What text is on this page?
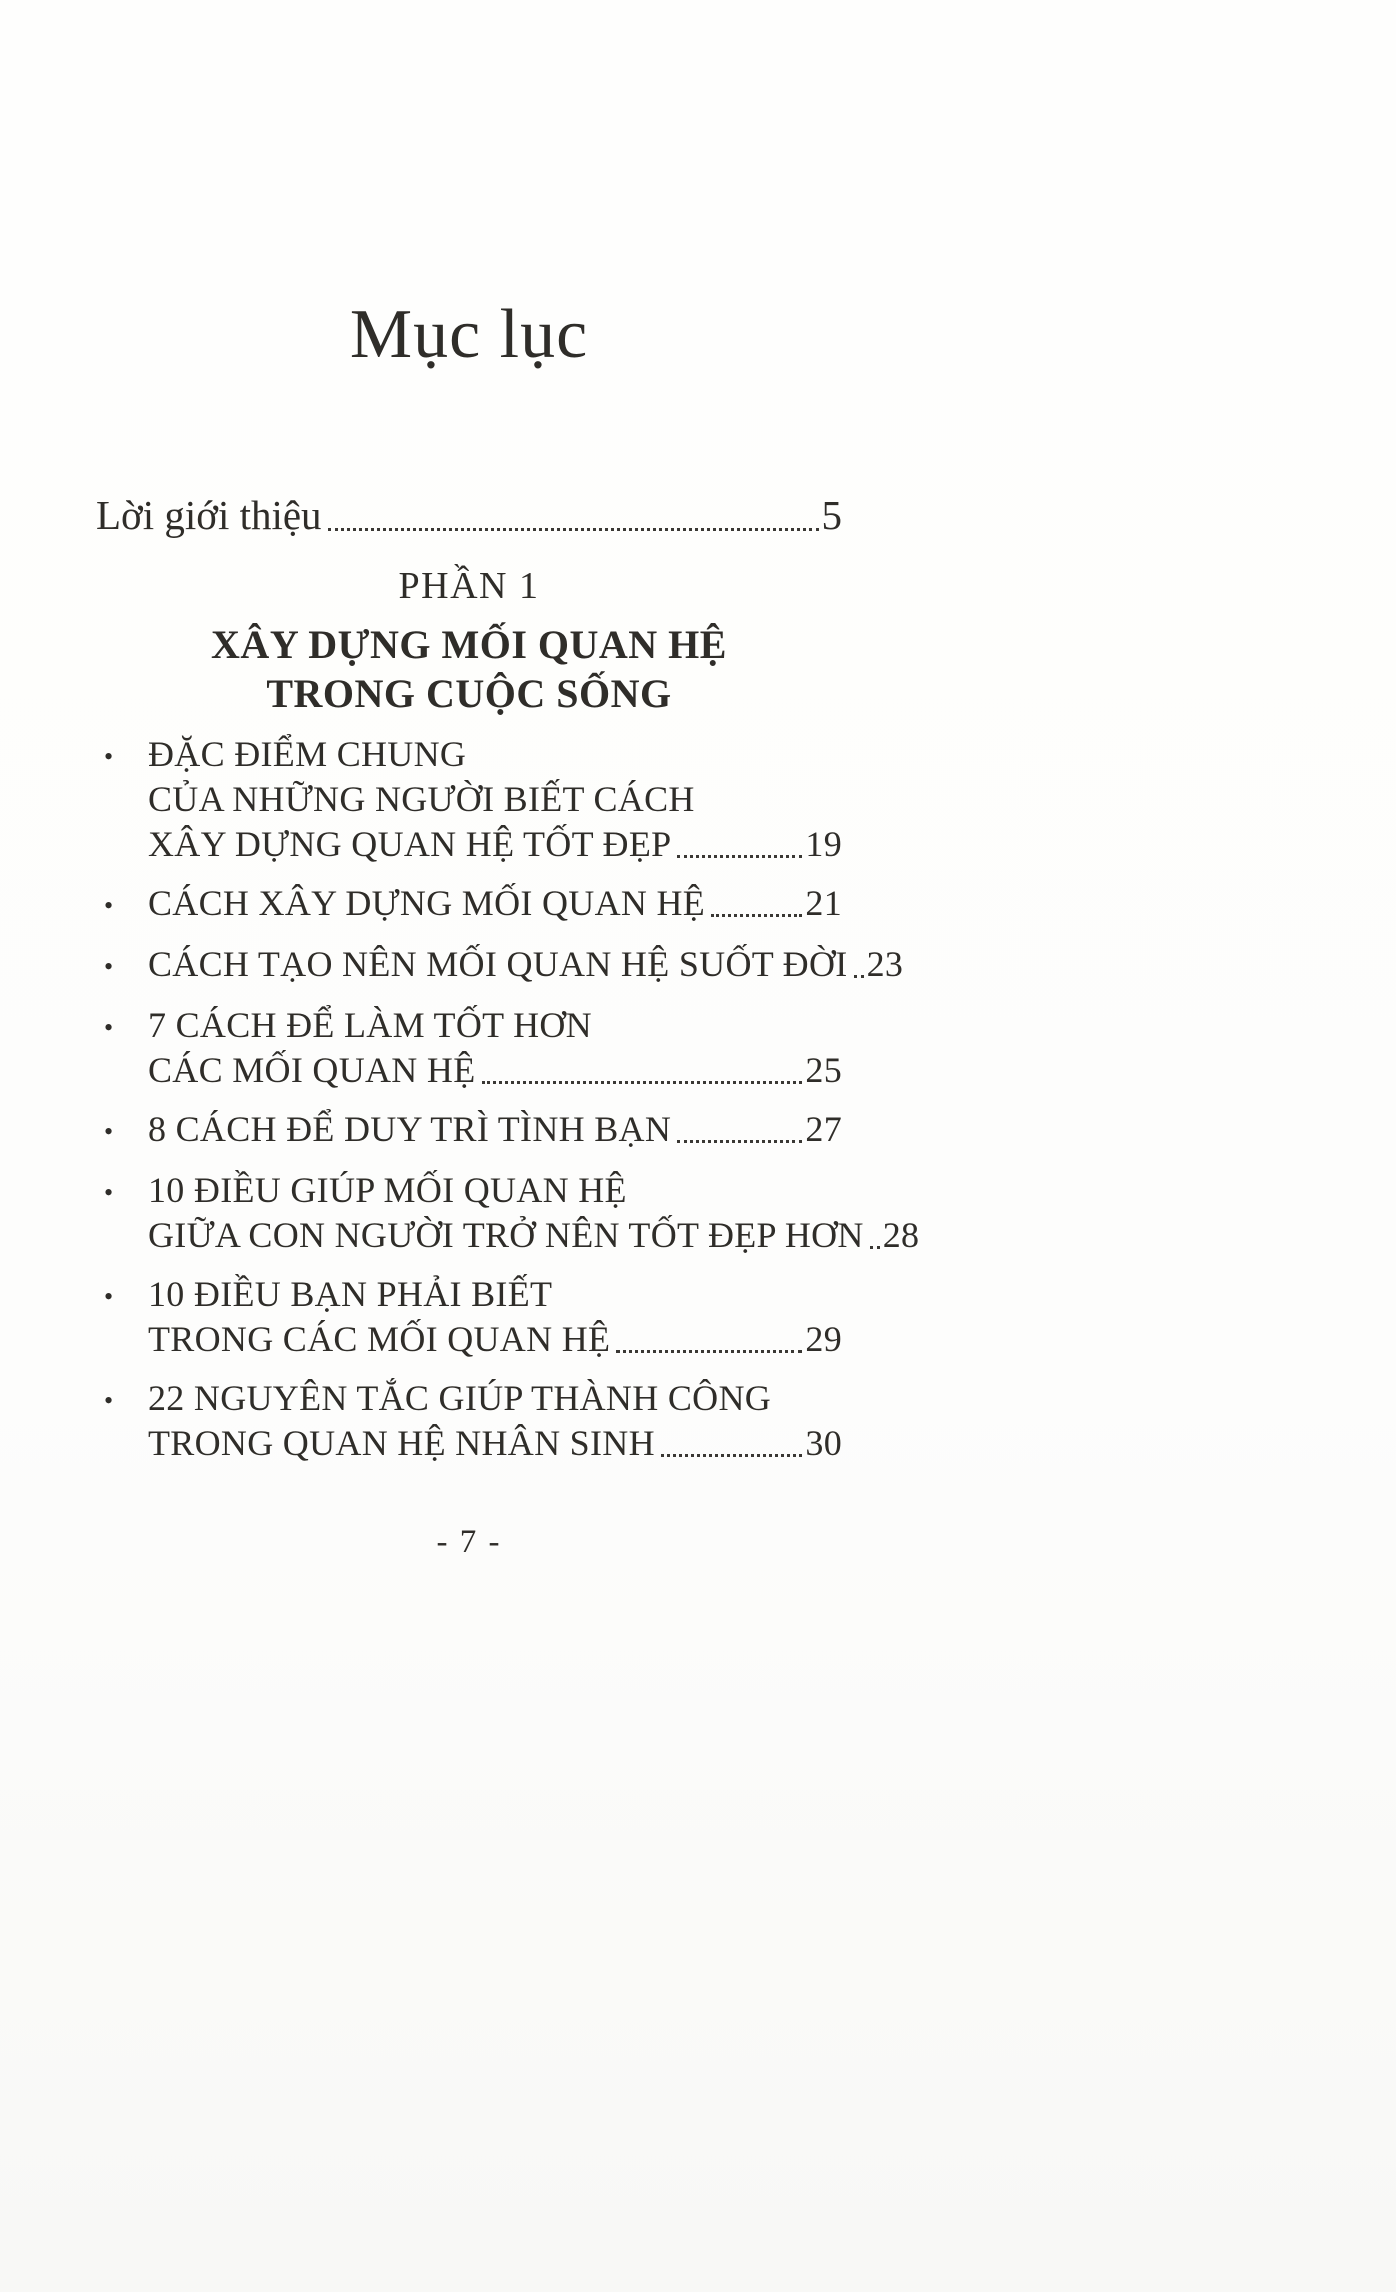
Mục lục
Lời giới thiệu	5
PHẦN 1
XÂY DỰNG MỐI QUAN HỆ
TRONG CUỘC SỐNG
• ĐẶC ĐIỂM CHUNG
CỦA NHỮNG NGƯỜI BIẾT CÁCH
XÂY DỰNG QUAN HỆ TỐT ĐẸP	19
• CÁCH XÂY DỰNG MỐI QUAN HỆ	21
• CÁCH TẠO NÊN MỐI QUAN HỆ SUỐT ĐỜI 23
• 7 CÁCH ĐỂ LÀM TỐT HƠN
CÁC MỐI QUAN HỆ	25
• 8 CÁCH ĐỂ DUY TRÌ TÌNH BẠN	27
• 10 ĐIỀU GIÚP MỐI QUAN HỆ
GIỮA CON NGƯỜI TRỞ NÊN TỐT ĐẸP HƠN 28
• 10 ĐIỀU BẠN PHẢI BIẾT
TRONG CÁC MỐI QUAN HỆ	29
• 22 NGUYÊN TẮC GIÚP THÀNH CÔNG
TRONG QUAN HỆ NHÂN SINH	30
- 7 -
